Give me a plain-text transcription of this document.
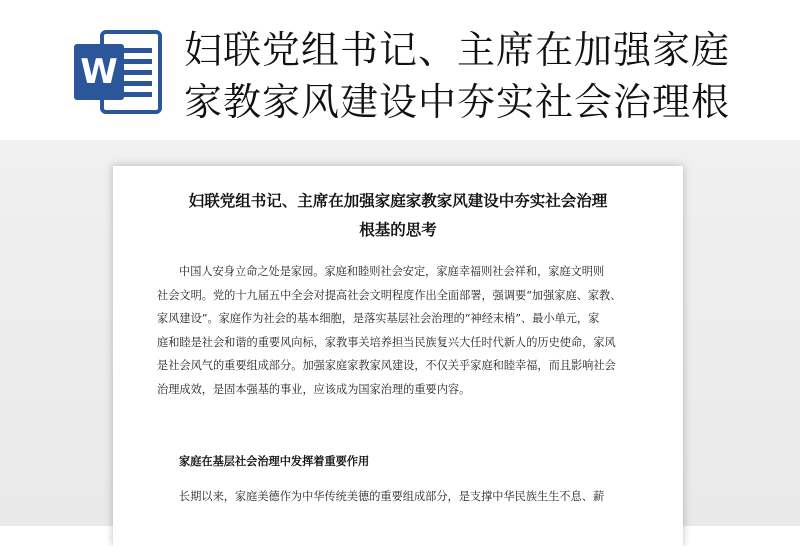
W 妇联党组书记、主席在加强家庭
家教家风建设中夯实社会治理根
妇联党组书记、主席在加强家庭家教家风建设中夯实社会治理
根基的思考
中国人安身立命之处是家园。家庭和睦则社会安定，家庭幸福则社会祥和，家庭文明则
社会文明。党的十九届五中全会对提高社会文明程度作出全面部署，强调要“加强家庭、家教、
家风建设”。家庭作为社会的基本细胞，是落实基层社会治理的“神经末梢”、最小单元，家
庭和睦是社会和谐的重要风向标，家教事关培养担当民族复兴大任时代新人的历史使命，家风
是社会风气的重要组成部分。加强家庭家教家风建设，不仅关乎家庭和睦幸福，而且影响社会
治理成效，是固本强基的事业，应该成为国家治理的重要内容。

家庭在基层社会治理中发挥着重要作用

长期以来，家庭美德作为中华传统美德的重要组成部分，是支撑中华民族生生不息、薪
